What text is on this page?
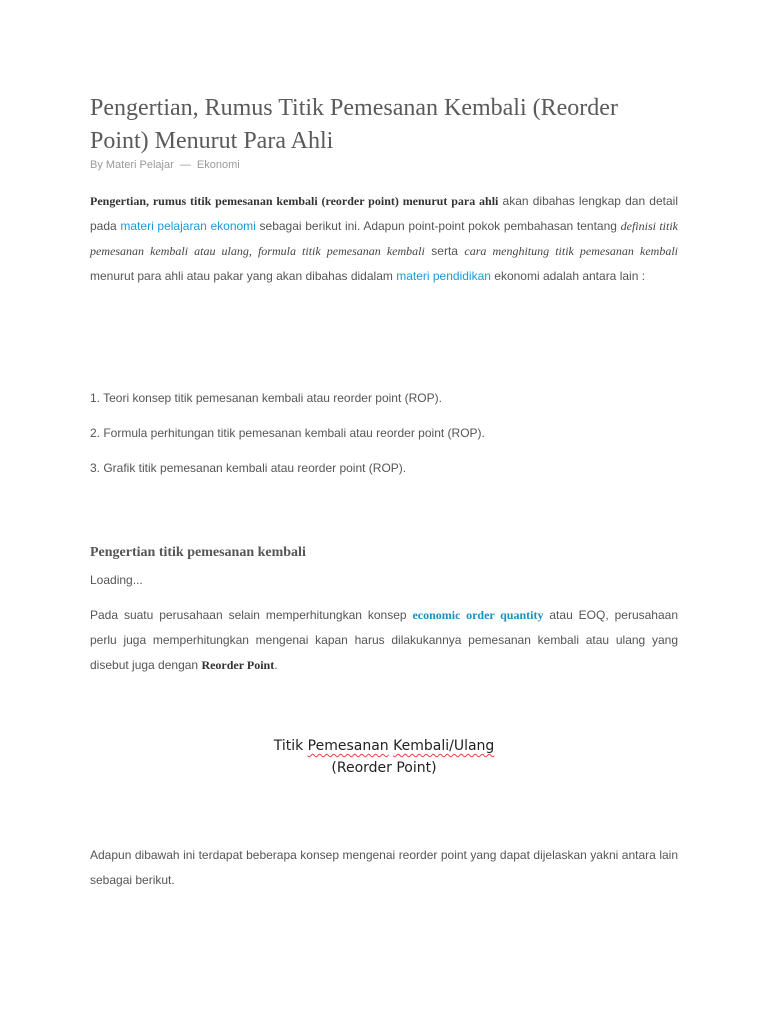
Pengertian, Rumus Titik Pemesanan Kembali (Reorder Point) Menurut Para Ahli
By Materi Pelajar — Ekonomi

Pengertian, rumus titik pemesanan kembali (reorder point) menurut para ahli akan dibahas lengkap dan detail pada materi pelajaran ekonomi sebagai berikut ini. Adapun point-point pokok pembahasan tentang definisi titik pemesanan kembali atau ulang, formula titik pemesanan kembali serta cara menghitung titik pemesanan kembali menurut para ahli atau pakar yang akan dibahas didalam materi pendidikan ekonomi adalah antara lain :

1. Teori konsep titik pemesanan kembali atau reorder point (ROP).

2. Formula perhitungan titik pemesanan kembali atau reorder point (ROP).

3. Grafik titik pemesanan kembali atau reorder point (ROP).

Pengertian titik pemesanan kembali
Loading...

Pada suatu perusahaan selain memperhitungkan konsep economic order quantity atau EOQ, perusahaan perlu juga memperhitungkan mengenai kapan harus dilakukannya pemesanan kembali atau ulang yang disebut juga dengan Reorder Point.

Adapun dibawah ini terdapat beberapa konsep mengenai reorder point yang dapat dijelaskan yakni antara lain sebagai berikut.

Titik Pemesanan Kembali/Ulang
(Reorder Point)
